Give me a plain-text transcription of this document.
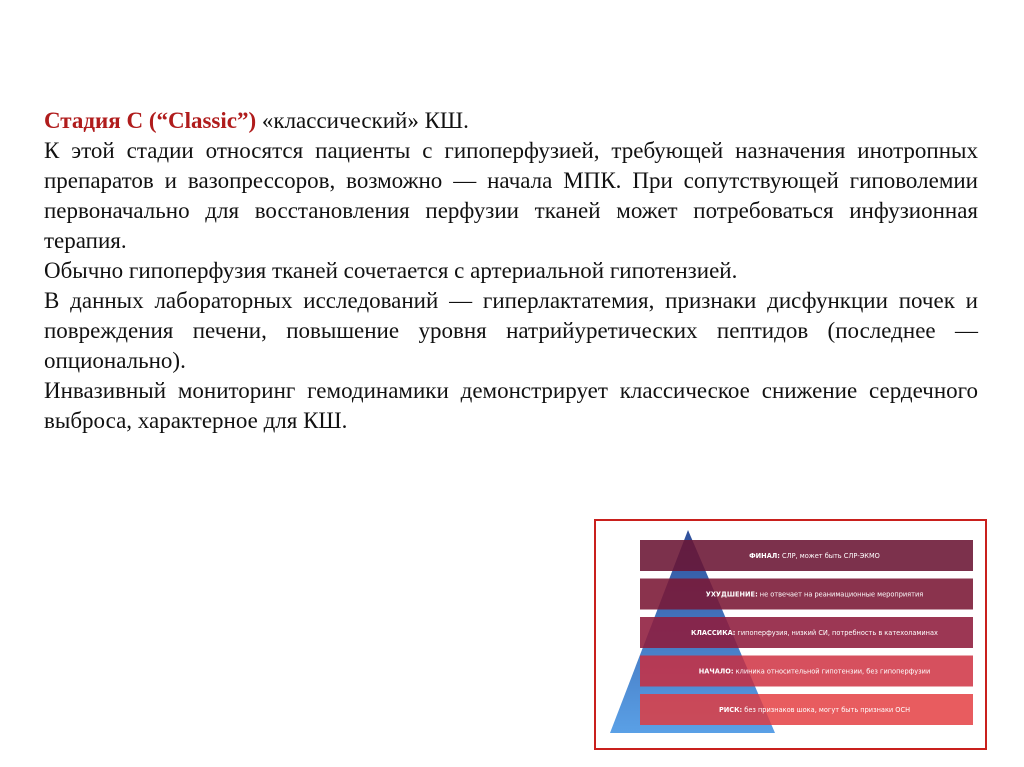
Стадия С (“Classic”) «классический» КШ.

К этой стадии относятся пациенты с гипоперфузией, требующей назначения инотропных препаратов и вазопрессоров, возможно — начала МПК. При сопутствующей гиповолемии первоначально для восстановления перфузии тканей может потребоваться инфузионная терапия.

Обычно гипоперфузия тканей сочетается с артериальной гипотензией.

В данных лабораторных исследований — гиперлактатемия, признаки дисфункции почек и повреждения печени, повышение уровня натрийуретических пептидов (последнее — опционально).

Инвазивный мониторинг гемодинамики демонстрирует классическое снижение сердечного выброса, характерное для КШ.

ФИНАЛ: СЛР, может быть СЛР-ЭКМО
УХУДШЕНИЕ: не отвечает на реанимационные мероприятия
КЛАССИКА: гипоперфузия, низкий СИ, потребность в катехоламинах
НАЧАЛО: клиника относительной гипотензии, без гипоперфузии
РИСК: без признаков шока, могут быть признаки ОСН
